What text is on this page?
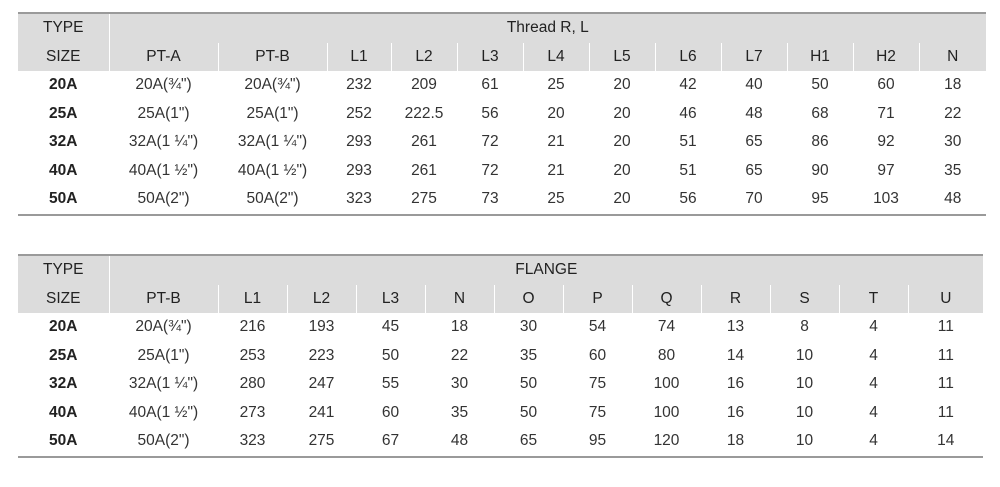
TYPE	Thread R, L											
SIZE	PT-A	PT-B	L1	L2	L3	L4	L5	L6	L7	H1	H2	N
20A	20A(¾")	20A(¾")	232	209	61	25	20	42	40	50	60	18
25A	25A(1")	25A(1")	252	222.5	56	20	20	46	48	68	71	22
32A	32A(1 ¼")	32A(1 ¼")	293	261	72	21	20	51	65	86	92	30
40A	40A(1 ½")	40A(1 ½")	293	261	72	21	20	51	65	90	97	35
50A	50A(2")	50A(2")	323	275	73	25	20	56	70	95	103	48
TYPE	FLANGE											
SIZE	PT-B	L1	L2	L3	N	O	P	Q	R	S	T	U
20A	20A(¾")	216	193	45	18	30	54	74	13	8	4	11
25A	25A(1")	253	223	50	22	35	60	80	14	10	4	11
32A	32A(1 ¼")	280	247	55	30	50	75	100	16	10	4	11
40A	40A(1 ½")	273	241	60	35	50	75	100	16	10	4	11
50A	50A(2")	323	275	67	48	65	95	120	18	10	4	14
